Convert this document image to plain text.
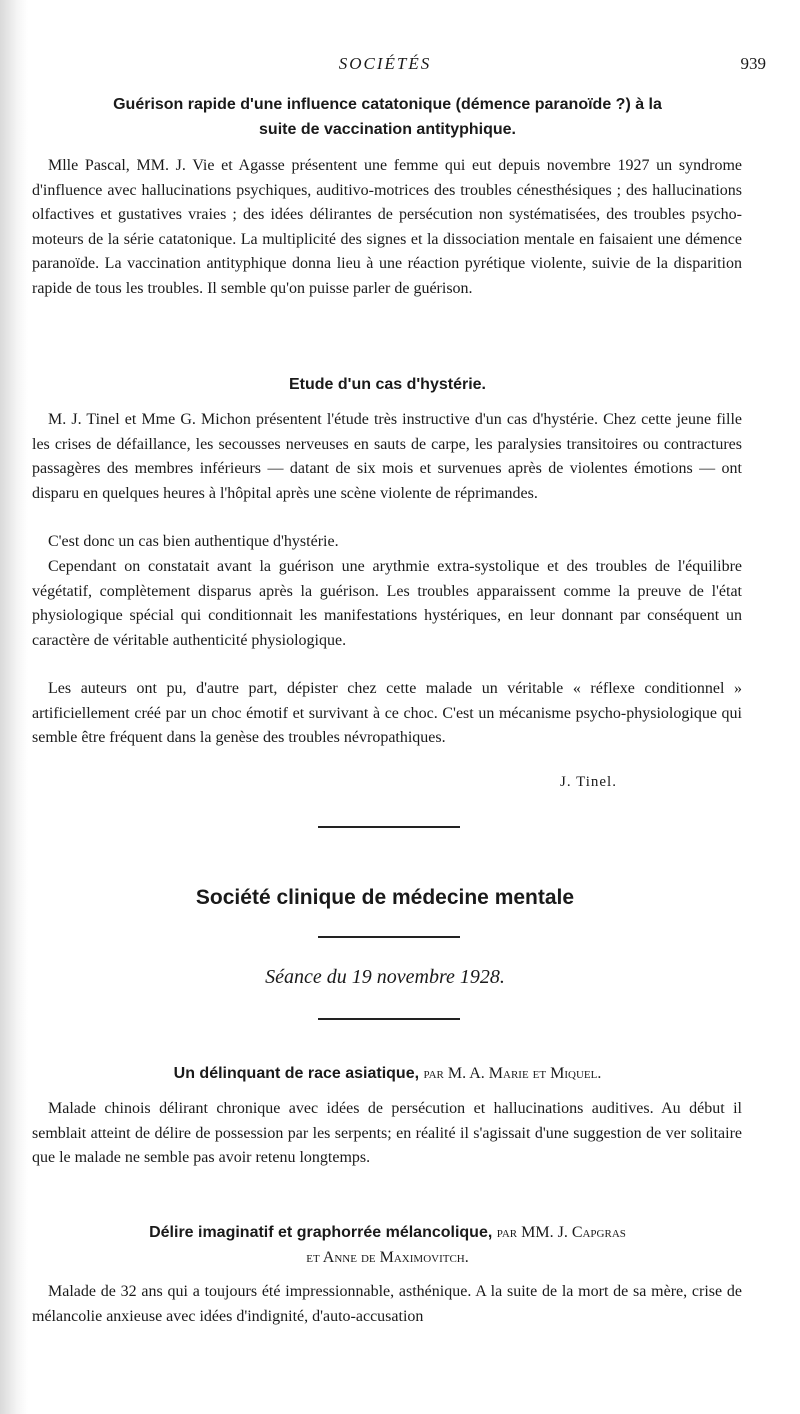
SOCIÉTÉS	939
Guérison rapide d'une influence catatonique (démence paranoïde ?) à la
suite de vaccination antityphique.
Mlle Pascal, MM. J. Vie et Agasse présentent une femme qui eut depuis novembre 1927 un syndrome d'influence avec hallucinations psychiques, auditivo-motrices des troubles cénesthésiques ; des hallucinations olfactives et gustatives vraies ; des idées délirantes de persécution non systématisées, des troubles psycho-moteurs de la série catatonique. La multiplicité des signes et la dissociation mentale en faisaient une démence paranoïde. La vaccination antityphique donna lieu à une réaction pyrétique violente, suivie de la disparition rapide de tous les troubles. Il semble qu'on puisse parler de guérison.
Etude d'un cas d'hystérie.
M. J. Tinel et Mme G. Michon présentent l'étude très instructive d'un cas d'hystérie. Chez cette jeune fille les crises de défaillance, les secousses nerveuses en sauts de carpe, les paralysies transitoires ou contractures passagères des membres inférieurs — datant de six mois et survenues après de violentes émotions — ont disparu en quelques heures à l'hôpital après une scène violente de réprimandes.
C'est donc un cas bien authentique d'hystérie.
Cependant on constatait avant la guérison une arythmie extra-systolique et des troubles de l'équilibre végétatif, complètement disparus après la guérison. Les troubles apparaissent comme la preuve de l'état physiologique spécial qui conditionnait les manifestations hystériques, en leur donnant par conséquent un caractère de véritable authenticité physiologique.
Les auteurs ont pu, d'autre part, dépister chez cette malade un véritable « réflexe conditionnel » artificiellement créé par un choc émotif et survivant à ce choc. C'est un mécanisme psycho-physiologique qui semble être fréquent dans la genèse des troubles névropathiques.
J. Tinel.
Société clinique de médecine mentale
Séance du 19 novembre 1928.
Un délinquant de race asiatique, par M. A. Marie et Miquel.
Malade chinois délirant chronique avec idées de persécution et hallucinations auditives. Au début il semblait atteint de délire de possession par les serpents; en réalité il s'agissait d'une suggestion de ver solitaire que le malade ne semble pas avoir retenu longtemps.
Délire imaginatif et graphorrée mélancolique, par MM. J. Capgras
et Anne de Maximovitch.
Malade de 32 ans qui a toujours été impressionnable, asthénique. A la suite de la mort de sa mère, crise de mélancolie anxieuse avec idées d'indignité, d'auto-accusation
